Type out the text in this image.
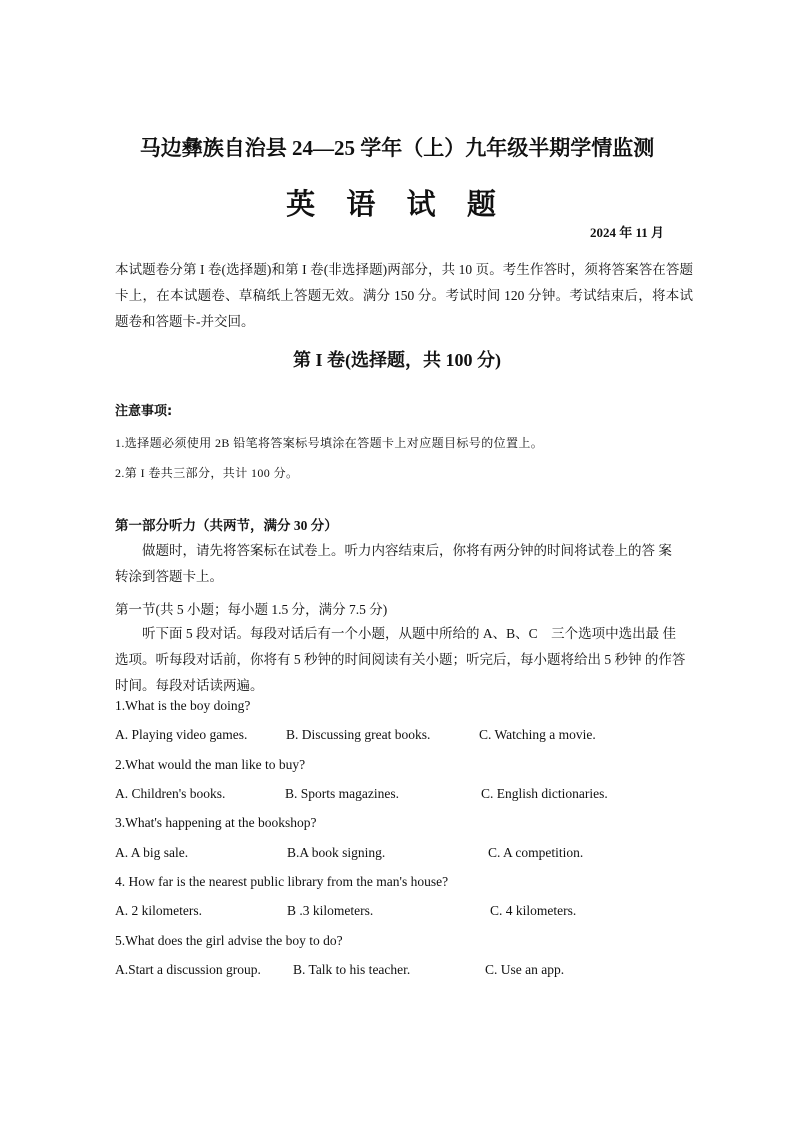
马边彝族自治县 24—25 学年（上）九年级半期学情监测
英 语 试 题
2024 年 11 月
本试题卷分第 I 卷(选择题)和第 I 卷(非选择题)两部分，共 10 页。考生作答时，须将答案答在答题卡上，在本试题卷、草稿纸上答题无效。满分 150 分。考试时间 120 分钟。考试结束后，将本试题卷和答题卡-并交回。
第 I 卷(选择题，共 100 分)
注意事项:
1.选择题必须使用 2B 铅笔将答案标号填涂在答题卡上对应题目标号的位置上。
2.第 I 卷共三部分，共计 100 分。
第一部分听力（共两节，满分 30 分）
做题时，请先将答案标在试卷上。听力内容结束后，你将有两分钟的时间将试卷上的答 案转涂到答题卡上。
第一节(共 5 小题；每小题 1.5 分，满分 7.5 分)
听下面 5 段对话。每段对话后有一个小题，从题中所给的 A、B、C　三个选项中选出最 佳选项。听每段对话前，你将有 5 秒钟的时间阅读有关小题；听完后，每小题将给出 5 秒钟 的作答时间。每段对话读两遍。
1.What is the boy doing?
A. Playing video games.	B. Discussing great books.	C. Watching a movie.
2.What would the man like to buy?
A. Children's books.	B. Sports magazines.	C. English dictionaries.
3.What's happening at the bookshop?
A. A big sale.	B.A book signing.	C. A competition.
4. How far is the nearest public library from the man's house?
A. 2 kilometers.	B .3 kilometers.	C. 4 kilometers.
5.What does the girl advise the boy to do?
A.Start a discussion group. B. Talk to his teacher.	C. Use an app.
